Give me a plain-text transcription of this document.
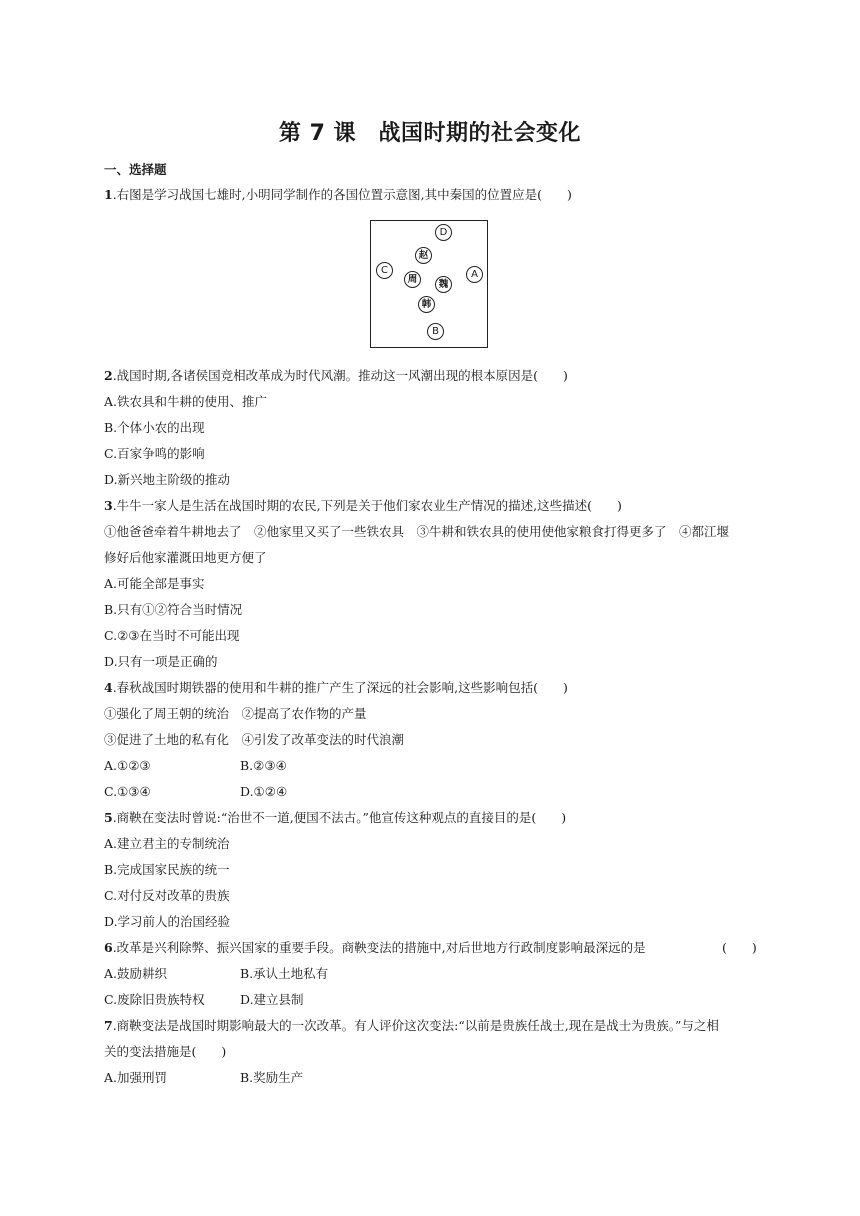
第 7 课　战国时期的社会变化
一、选择题
1.右图是学习战国七雄时,小明同学制作的各国位置示意图,其中秦国的位置应是(　　)
D
赵
C
周	魏
A
韩
B
2.战国时期,各诸侯国竞相改革成为时代风潮。推动这一风潮出现的根本原因是(　　)
A.铁农具和牛耕的使用、推广
B.个体小农的出现
C.百家争鸣的影响
D.新兴地主阶级的推动
3.牛牛一家人是生活在战国时期的农民,下列是关于他们家农业生产情况的描述,这些描述(　　)
①他爸爸牵着牛耕地去了　②他家里又买了一些铁农具　③牛耕和铁农具的使用使他家粮食打得更多了　④都江堰
修好后他家灌溉田地更方便了
A.可能全部是事实
B.只有①②符合当时情况
C.②③在当时不可能出现
D.只有一项是正确的
4.春秋战国时期铁器的使用和牛耕的推广产生了深远的社会影响,这些影响包括(　　)
①强化了周王朝的统治　②提高了农作物的产量
③促进了土地的私有化　④引发了改革变法的时代浪潮
A.①②③	B.②③④
C.①③④	D.①②④
5.商鞅在变法时曾说:“治世不一道,便国不法古。”他宣传这种观点的直接目的是(　　)
A.建立君主的专制统治
B.完成国家民族的统一
C.对付反对改革的贵族
D.学习前人的治国经验
6.改革是兴利除弊、振兴国家的重要手段。商鞅变法的措施中,对后世地方行政制度影响最深远的是	(　　)
A.鼓励耕织	B.承认土地私有
C.废除旧贵族特权	D.建立县制
7.商鞅变法是战国时期影响最大的一次改革。有人评价这次变法:“以前是贵族任战士,现在是战士为贵族。”与之相
关的变法措施是(　　)
A.加强刑罚	B.奖励生产
